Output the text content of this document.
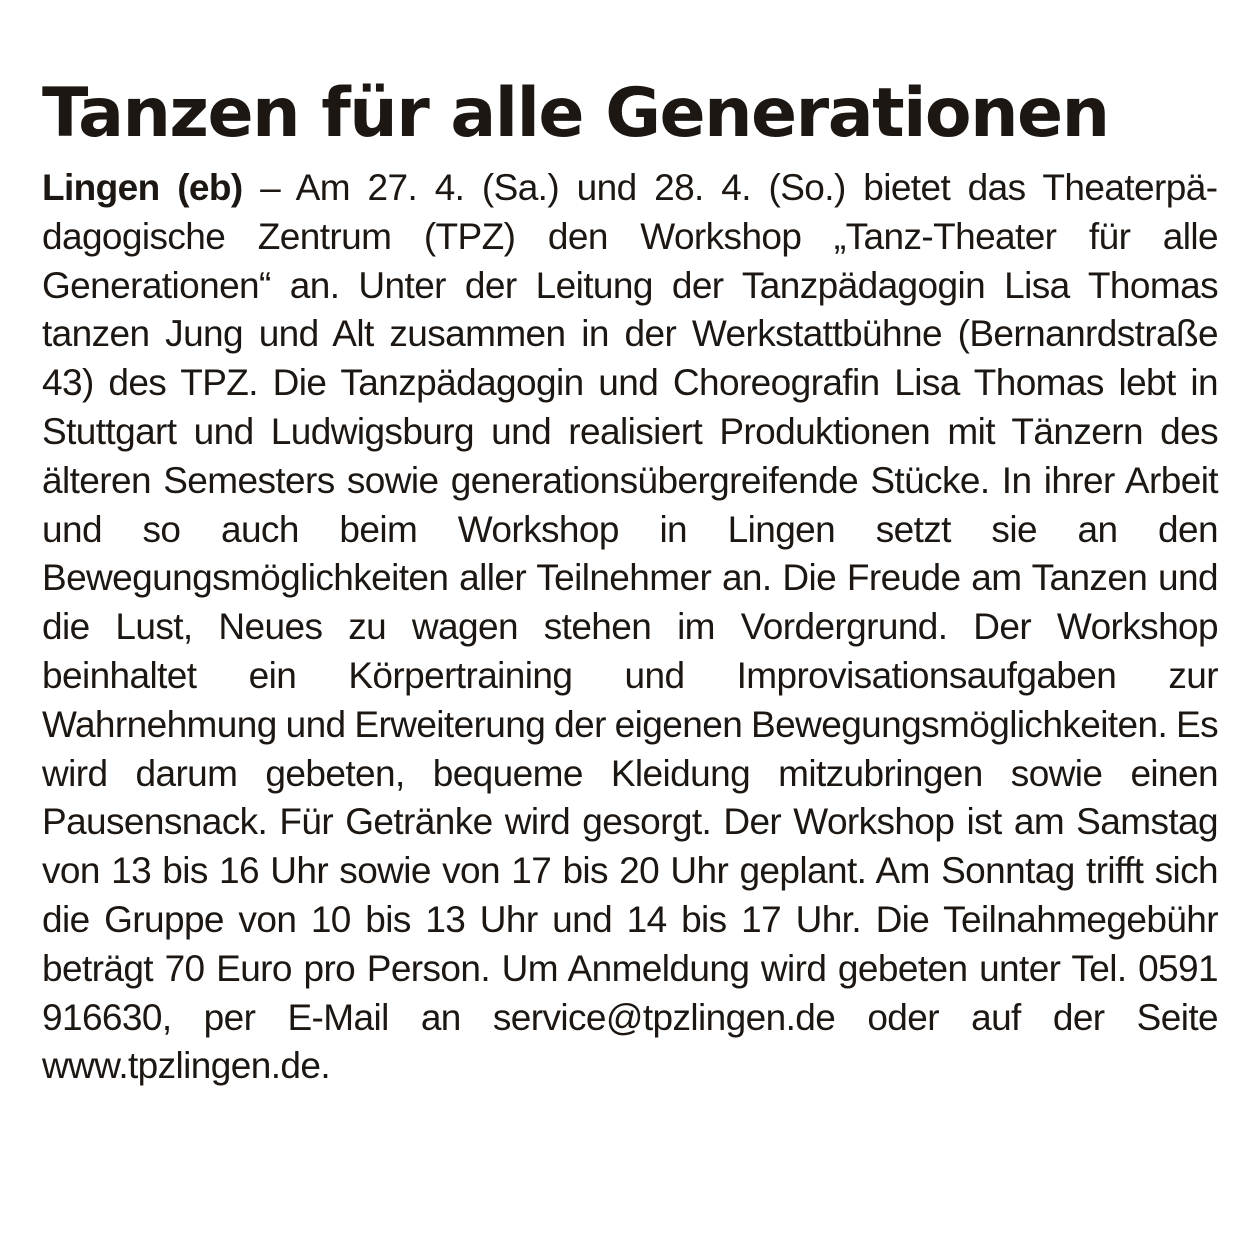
Tanzen für alle Generationen

Lingen (eb) – Am 27. 4. (Sa.) und 28. 4. (So.) bietet das Theaterpädagogische Zentrum (TPZ) den Workshop „Tanz-Theater für alle Generationen“ an. Unter der Leitung der Tanzpädagogin Lisa Thomas tanzen Jung und Alt zusammen in der Werkstattbühne (Bernanrdstraße 43) des TPZ. Die Tanzpädagogin und Choreografin Lisa Thomas lebt in Stuttgart und Ludwigsburg und realisiert Produktionen mit Tänzern des älteren Semesters sowie generationsübergreifende Stücke. In ihrer Arbeit und so auch beim Workshop in Lingen setzt sie an den Bewegungsmöglichkeiten aller Teilnehmer an. Die Freude am Tanzen und die Lust, Neues zu wagen stehen im Vordergrund. Der Workshop beinhaltet ein Körpertraining und Improvisationsaufgaben zur Wahrnehmung und Erweiterung der eigenen Bewegungsmöglichkeiten. Es wird darum gebeten, bequeme Kleidung mitzubringen sowie einen Pausensnack. Für Getränke wird gesorgt. Der Workshop ist am Samstag von 13 bis 16 Uhr sowie von 17 bis 20 Uhr geplant. Am Sonntag trifft sich die Gruppe von 10 bis 13 Uhr und 14 bis 17 Uhr. Die Teilnahmegebühr beträgt 70 Euro pro Person. Um Anmeldung wird gebeten unter Tel. 0591 916630, per E-Mail an service@tpzlingen.de oder auf der Seite www.tpzlingen.de.
